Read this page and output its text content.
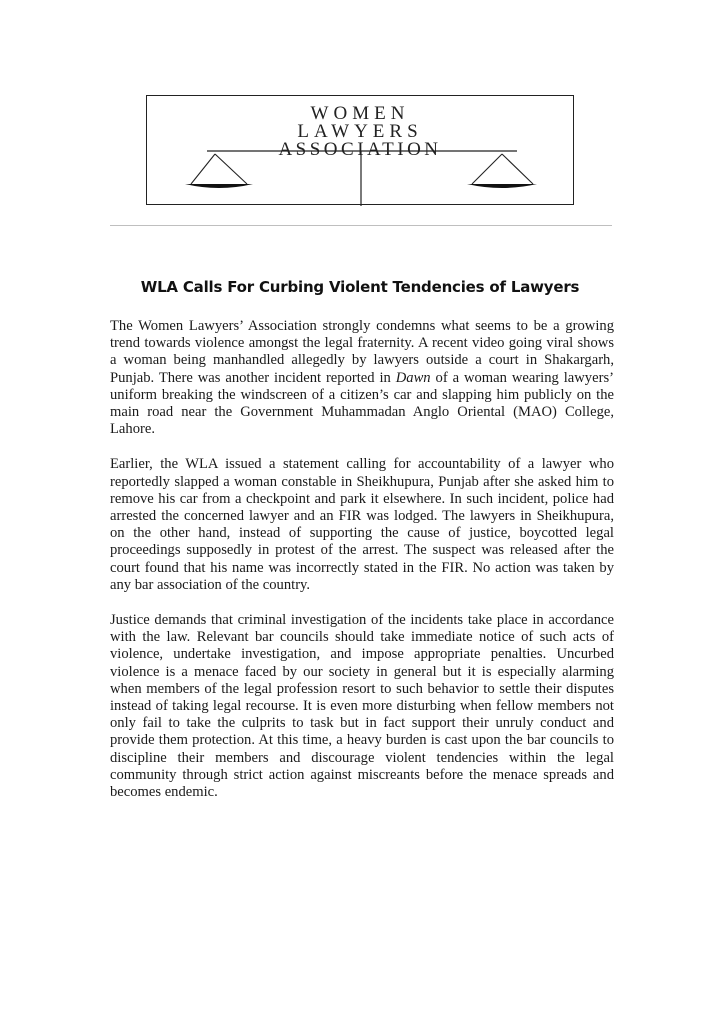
WOMEN
LAWYERS
ASSOCIATION
WLA Calls For Curbing Violent Tendencies of Lawyers

The Women Lawyers’ Association strongly condemns what seems to be a growing trend towards violence amongst the legal fraternity. A recent video going viral shows a woman being manhandled allegedly by lawyers outside a court in Shakargarh, Punjab. There was another incident reported in Dawn of a woman wearing lawyers’ uniform breaking the windscreen of a citizen’s car and slapping him publicly on the main road near the Government Muhammadan Anglo Oriental (MAO) College, Lahore.

Earlier, the WLA issued a statement calling for accountability of a lawyer who reportedly slapped a woman constable in Sheikhupura, Punjab after she asked him to remove his car from a checkpoint and park it elsewhere. In such incident, police had arrested the concerned lawyer and an FIR was lodged. The lawyers in Sheikhupura, on the other hand, instead of supporting the cause of justice, boycotted legal proceedings supposedly in protest of the arrest. The suspect was released after the court found that his name was incorrectly stated in the FIR. No action was taken by any bar association of the country.

Justice demands that criminal investigation of the incidents take place in accordance with the law. Relevant bar councils should take immediate notice of such acts of violence, undertake investigation, and impose appropriate penalties. Uncurbed violence is a menace faced by our society in general but it is especially alarming when members of the legal profession resort to such behavior to settle their disputes instead of taking legal recourse. It is even more disturbing when fellow members not only fail to take the culprits to task but in fact support their unruly conduct and provide them protection. At this time, a heavy burden is cast upon the bar councils to discipline their members and discourage violent tendencies within the legal community through strict action against miscreants before the menace spreads and becomes endemic.
